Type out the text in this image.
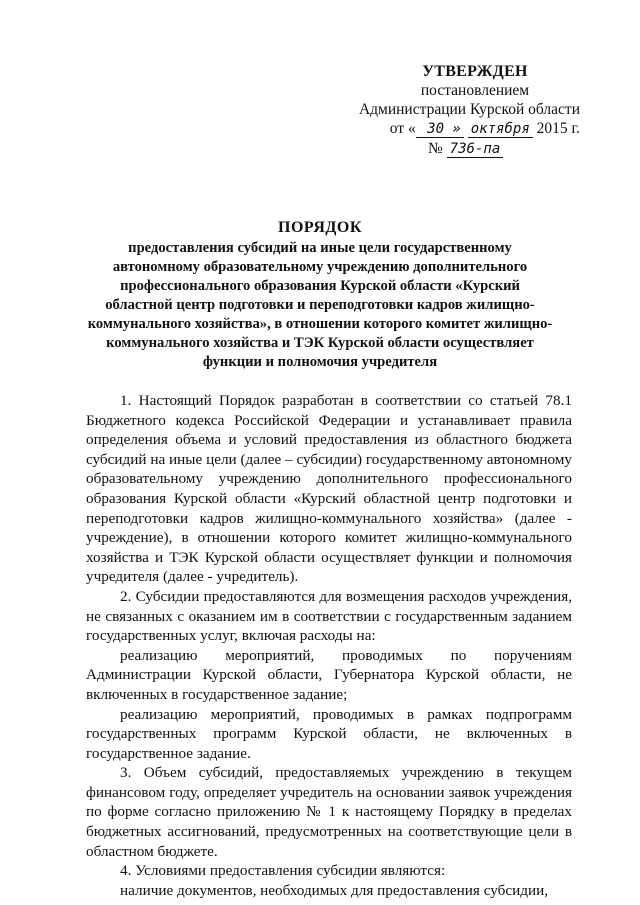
УТВЕРЖДЕН
постановлением
Администрации Курской области
от « 30 » октября 2015 г.
№ 736-па
ПОРЯДОК
предоставления субсидий на иные цели государственному
автономному образовательному учреждению дополнительного
профессионального образования Курской области «Курский
областной центр подготовки и переподготовки кадров жилищно-
коммунального хозяйства», в отношении которого комитет жилищно-
коммунального хозяйства и ТЭК Курской области осуществляет
функции и полномочия учредителя

1. Настоящий Порядок разработан в соответствии со статьей 78.1 Бюджетного кодекса Российской Федерации и устанавливает правила определения объема и условий предоставления из областного бюджета субсидий на иные цели (далее – субсидии) государственному автономному образовательному учреждению дополнительного профессионального образования Курской области «Курский областной центр подготовки и переподготовки кадров жилищно-коммунального хозяйства» (далее - учреждение), в отношении которого комитет жилищно-коммунального хозяйства и ТЭК Курской области осуществляет функции и полномочия учредителя (далее - учредитель).

2. Субсидии предоставляются для возмещения расходов учреждения, не связанных с оказанием им в соответствии с государственным заданием государственных услуг, включая расходы на:

реализацию мероприятий, проводимых по поручениям Администрации Курской области, Губернатора Курской области, не включенных в государственное задание;

реализацию мероприятий, проводимых в рамках подпрограмм государственных программ Курской области, не включенных в государственное задание.

3. Объем субсидий, предоставляемых учреждению в текущем финансовом году, определяет учредитель на основании заявок учреждения по форме согласно приложению № 1 к настоящему Порядку в пределах бюджетных ассигнований, предусмотренных на соответствующие цели в областном бюджете.

4. Условиями предоставления субсидии являются:

наличие документов, необходимых для предоставления субсидии,
